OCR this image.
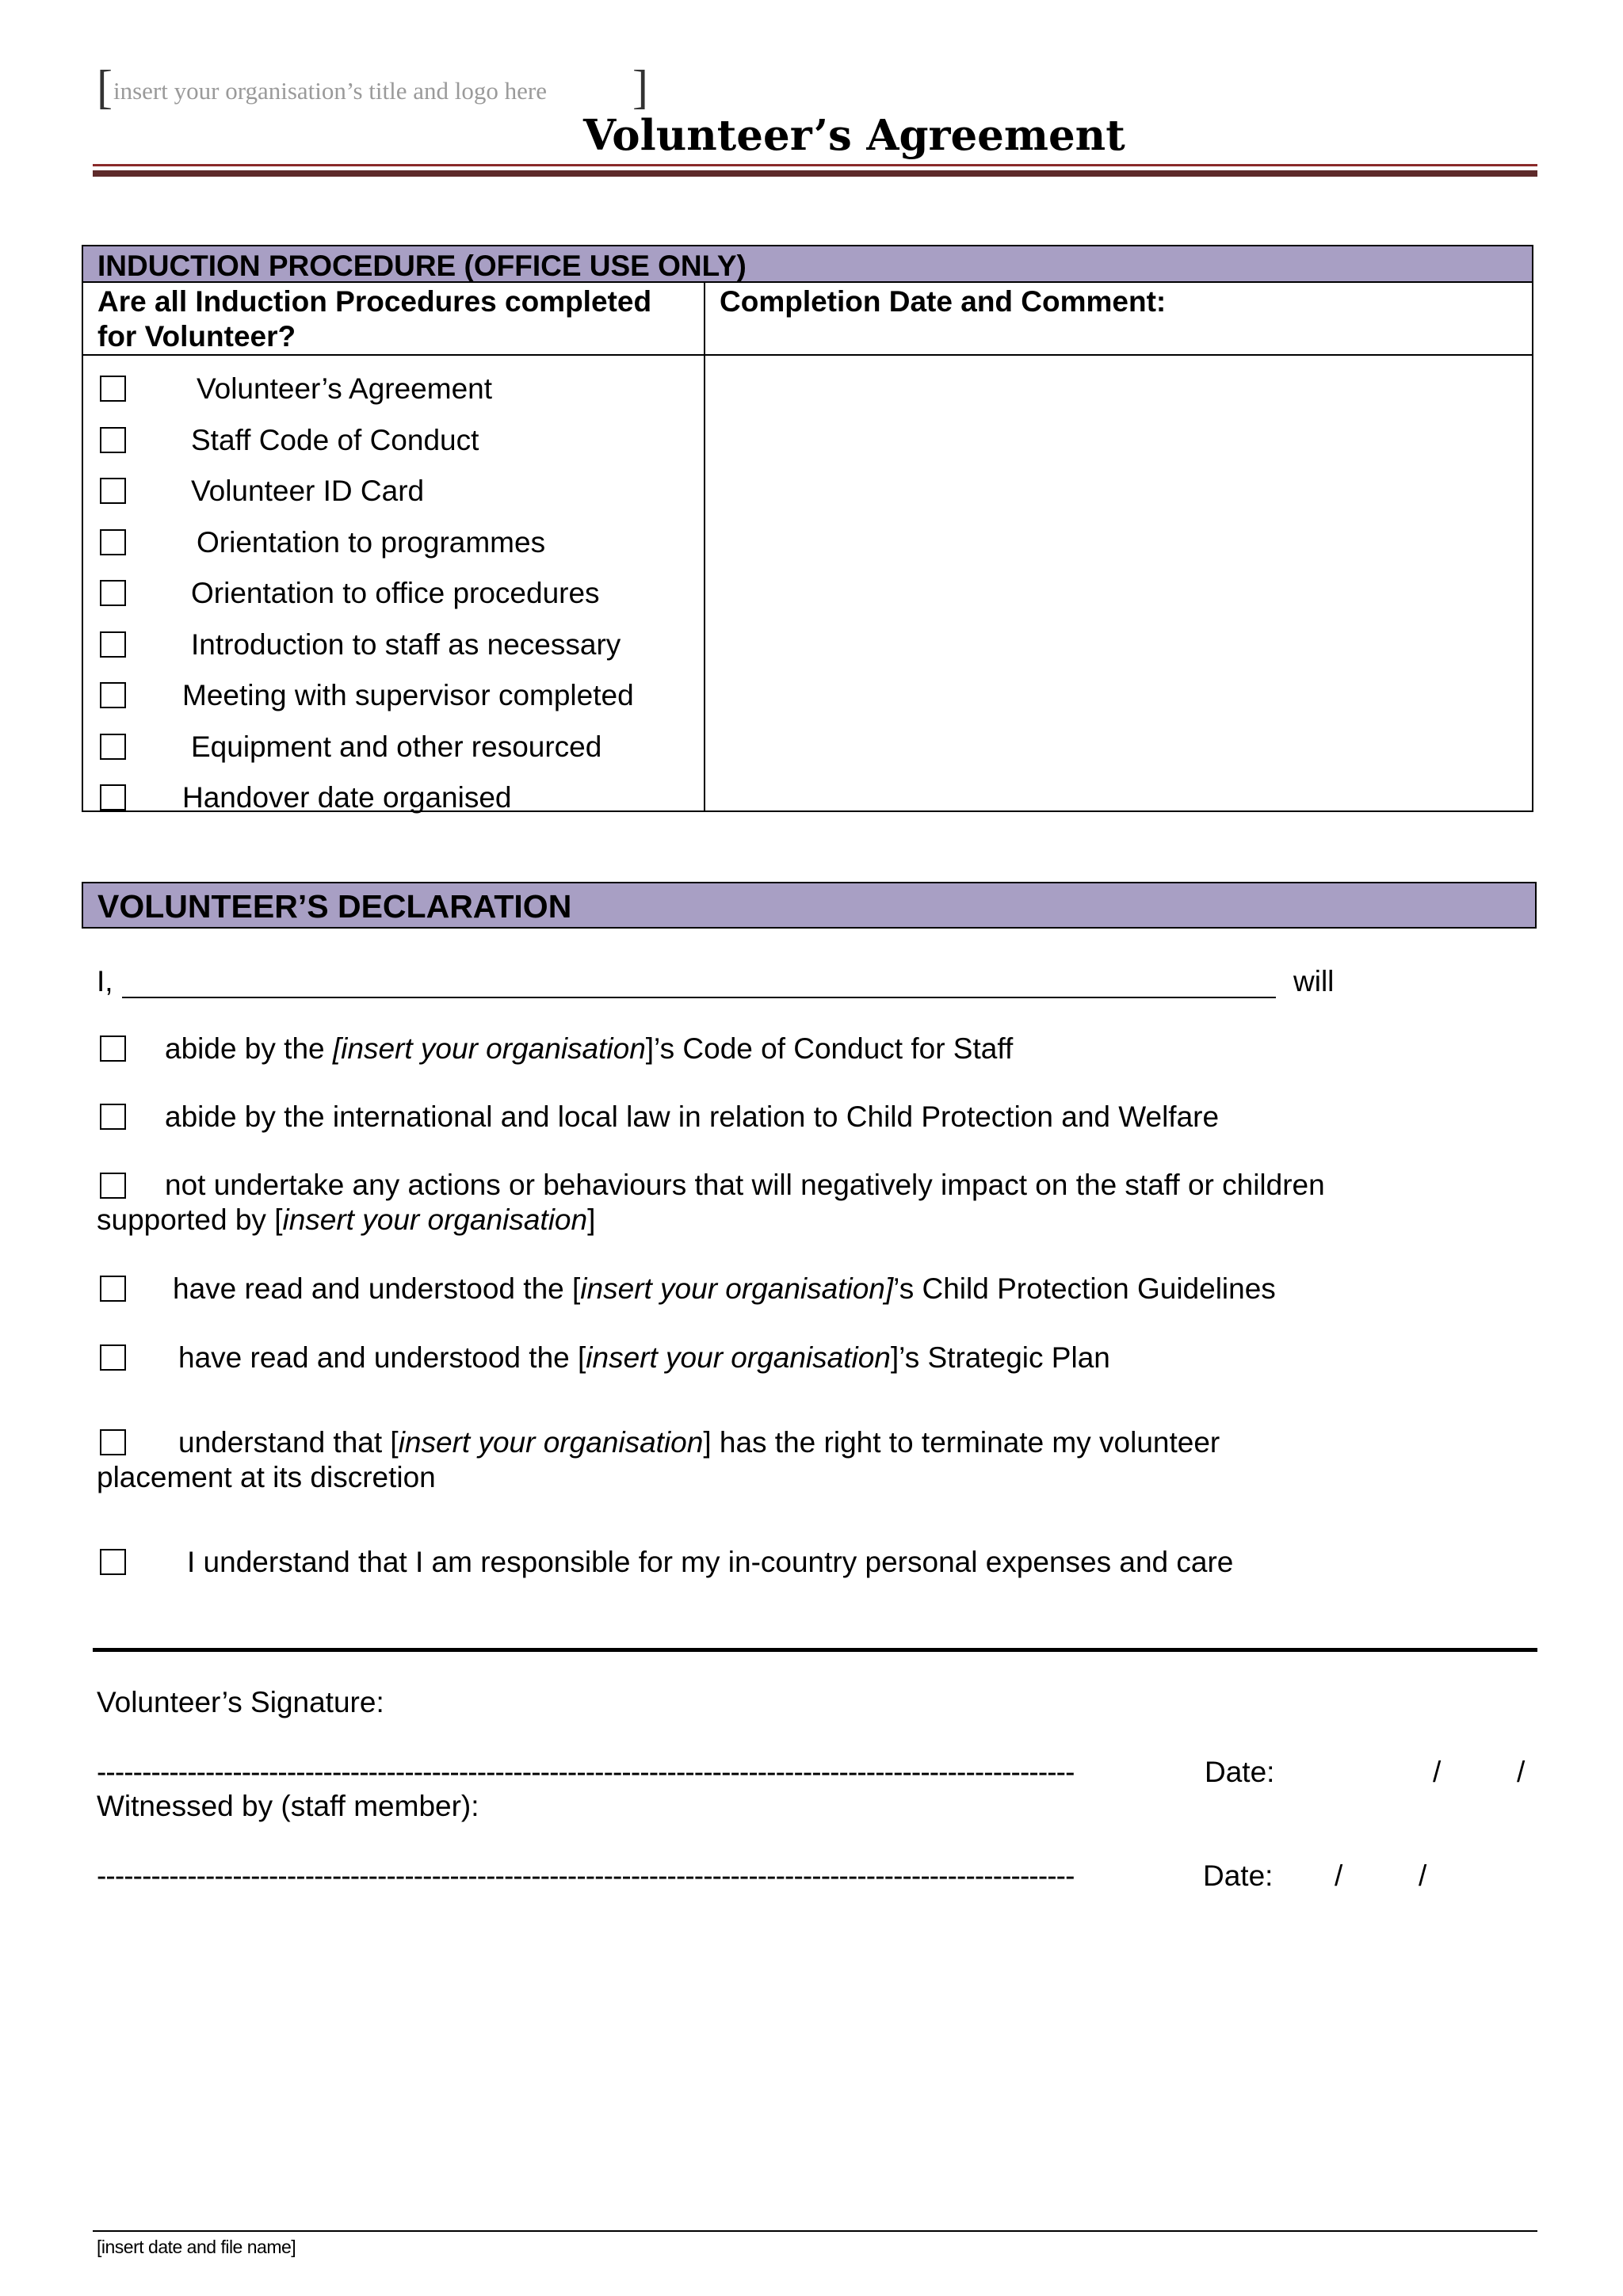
[ insert your organisation’s title and logo here ]
Volunteer’s Agreement
INDUCTION PROCEDURE (OFFICE USE ONLY)
Are all Induction Procedures completed
for Volunteer?
Completion Date and Comment:
Volunteer’s Agreement
Staff Code of Conduct
Volunteer ID Card
Orientation to programmes
Orientation to office procedures
Introduction to staff as necessary
Meeting with supervisor completed
Equipment and other resourced
Handover date organised
VOLUNTEER’S DECLARATION
I,	will
abide by the [insert your organisation]’s Code of Conduct for Staff
abide by the international and local law in relation to Child Protection and Welfare
not undertake any actions or behaviours that will negatively impact on the staff or children
supported by [insert your organisation]
have read and understood the [insert your organisation]’s Child Protection Guidelines
have read and understood the [insert your organisation]’s Strategic Plan
understand that [insert your organisation] has the right to terminate my volunteer
placement at its discretion
I understand that I am responsible for my in-country personal expenses and care
Volunteer’s Signature:
------------------------------------------------------------------------------------------------------------	Date:	/	/
Witnessed by (staff member):
------------------------------------------------------------------------------------------------------------	Date: /	/
[insert date and file name]
